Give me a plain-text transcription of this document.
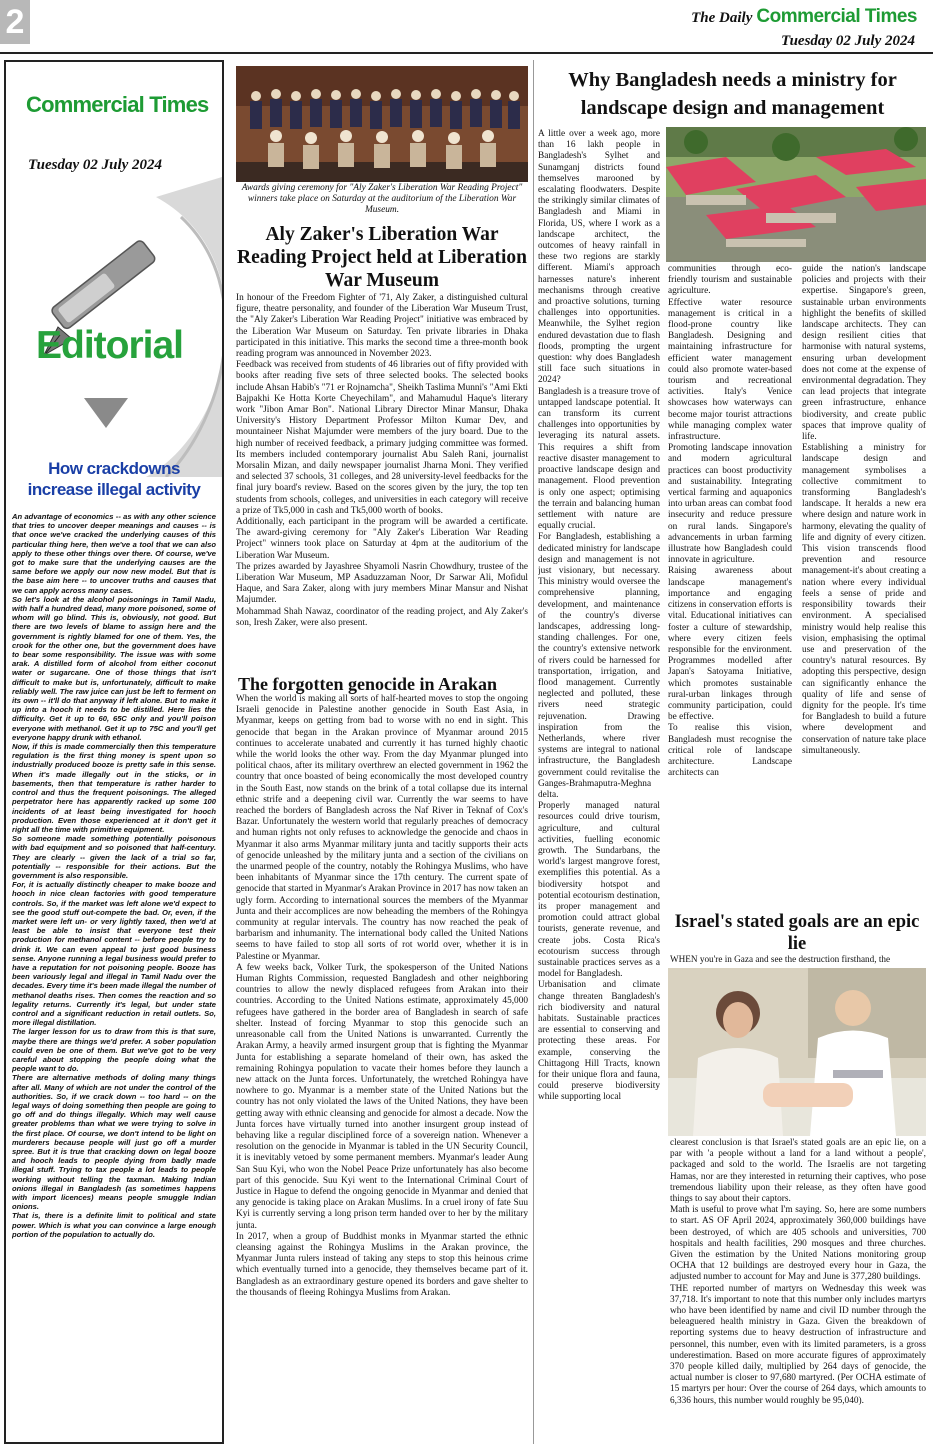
2	The Daily Commercial Times
Tuesday 02 July 2024
Commercial Times
Tuesday 02 July 2024
Editorial
How crackdowns increase illegal activity

An advantage of economics -- as with any other science that tries to uncover deeper meanings and causes -- is that once we've cracked the underlying causes of this particular thing here, then we've a tool that we can also apply to these other things over there. Of course, we've got to make sure that the underlying causes are the same before we apply our now new model. But that is the base aim here -- to uncover truths and causes that we can apply across many cases.

So let's look at the alcohol poisonings in Tamil Nadu, with half a hundred dead, many more poisoned, some of whom will go blind. This is, obviously, not good. But there are two levels of blame to assign here and the government is rightly blamed for one of them. Yes, the crook for the other one, but the government does have to bear some responsibility. The issue was with some arak. A distilled form of alcohol from either coconut water or sugarcane. One of those things that isn't difficult to make but is, unfortunately, difficult to make reliably well. The raw juice can just be left to ferment on its own -- it'll do that anyway if left alone. But to make it up into a hooch it needs to be distilled. Here lies the difficulty. Get it up to 60, 65C only and you'll poison everyone with methanol. Get it up to 75C and you'll get everyone happy drunk with ethanol.

Now, if this is made commercially then this temperature regulation is the first thing money is spent upon so industrially produced booze is pretty safe in this sense. When it's made illegally out in the sticks, or in basements, then that temperature is rather harder to control and thus the frequent poisonings. The alleged perpetrator here has apparently racked up some 100 incidents of at least being investigated for hooch production. Even those experienced at it don't get it right all the time with primitive equipment.

So someone made something potentially poisonous with bad equipment and so poisoned that half-century. They are clearly -- given the lack of a trial so far, potentially -- responsible for their actions. But the government is also responsible.

For, it is actually distinctly cheaper to make booze and hooch in nice clean factories with good temperature controls. So, if the market was left alone we'd expect to see the good stuff out-compete the bad. Or, even, if the market were left un- or very lightly taxed, then we'd at least be able to insist that everyone test their production for methanol content -- before people try to drink it. We can even appeal to just good business sense. Anyone running a legal business would prefer to have a reputation for not poisoning people. Booze has been variously legal and illegal in Tamil Nadu over the decades. Every time it's been made illegal the number of methanol deaths rises. Then comes the reaction and so legality returns. Currently it's legal, but under state control and a significant reduction in retail outlets. So, more illegal distillation.

The larger lesson for us to draw from this is that sure, maybe there are things we'd prefer. A sober population could even be one of them. But we've got to be very careful about stopping the people doing what the people want to do.

There are alternative methods of doling many things after all. Many of which are not under the control of the authorities. So, if we crack down -- too hard -- on the legal ways of doing something then people are going to go off and do things illegally. Which may well cause greater problems than what we were trying to solve in the first place. Of course, we don't intend to be light on murderers because people will just go off a murder spree. But it is true that cracking down on legal booze and hooch leads to people dying from badly made illegal stuff. Trying to tax people a lot leads to people working without telling the taxman. Making Indian onions illegal in Bangladesh (as sometimes happens with import licences) means people smuggle Indian onions.

That is, there is a definite limit to political and state power. Which is what you can convince a large enough portion of the population to actually do.

Awards giving ceremony for "Aly Zaker's Liberation War Reading Project" winners take place on Saturday at the auditorium of the Liberation War Museum.
Aly Zaker's Liberation War Reading Project held at Liberation War Museum

In honour of the Freedom Fighter of '71, Aly Zaker, a distinguished cultural figure, theatre personality, and founder of the Liberation War Museum Trust, the "Aly Zaker's Liberation War Reading Project" initiative was embraced by the Liberation War Museum on Saturday. Ten private libraries in Dhaka participated in this initiative. This marks the second time a three-month book reading program was announced in November 2023.

Feedback was received from students of 46 libraries out of fifty provided with books after reading five sets of three selected books. The selected books include Ahsan Habib's "71 er Rojnamcha", Sheikh Taslima Munni's "Ami Ekti Bajpakhi Ke Hotta Korte Cheyechilam", and Mahamudul Haque's literary work "Jibon Amar Bon". National Library Director Minar Mansur, Dhaka University's History Department Professor Milton Kumar Dev, and mountaineer Nishat Majumder were members of the jury board. Due to the high number of received feedback, a primary judging committee was formed. Its members included contemporary journalist Abu Saleh Rani, journalist Morsalin Mizan, and daily newspaper journalist Jharna Moni. They verified and selected 37 schools, 31 colleges, and 28 university-level feedbacks for the final jury board's review. Based on the scores given by the jury, the top ten students from schools, colleges, and universities in each category will receive a prize of Tk5,000 in cash and Tk5,000 worth of books.

Additionally, each participant in the program will be awarded a certificate. The award-giving ceremony for "Aly Zaker's Liberation War Reading Project" winners took place on Saturday at 4pm at the auditorium of the Liberation War Museum.

The prizes awarded by Jayashree Shyamoli Nasrin Chowdhury, trustee of the Liberation War Museum, MP Asaduzzaman Noor, Dr Sarwar Ali, Mofidul Haque, and Sara Zaker, along with jury members Minar Mansur and Nishat Majumder.

Mohammad Shah Nawaz, coordinator of the reading project, and Aly Zaker's son, Iresh Zaker, were also present.

The forgotten genocide in Arakan

When the world is making all sorts of half-hearted moves to stop the ongoing Israeli genocide in Palestine another genocide in South East Asia, in Myanmar, keeps on getting from bad to worse with no end in sight. This genocide that began in the Arakan province of Myanmar around 2015 continues to accelerate unabated and currently it has turned highly chaotic while the world looks the other way. From the day Myanmar plunged into political chaos, after its military overthrew an elected government in 1962 the country that once boasted of being economically the most developed country in the South East, now stands on the brink of a total collapse due its internal ethnic strife and a deepening civil war. Currently the war seems to have reached the borders of Bangladesh across the Naf River in Teknaf of Cox's Bazar. Unfortunately the western world that regularly preaches of democracy and human rights not only refuses to acknowledge the genocide and chaos in Myanmar it also arms Myanmar military junta and tacitly supports their acts of genocide unleashed by the military junta and a section of the civilians on the unarmed people of the country, notably the Rohingya Muslims, who have been inhabitants of Myanmar since the 17th century. The current spate of genocide that started in Myanmar's Arakan Province in 2017 has now taken an ugly form. According to international sources the members of the Myanmar Junta and their accomplices are now beheading the members of the Rohingya community at regular intervals. The country has now reached the peak of barbarism and inhumanity. The international body called the United Nations seems to have failed to stop all sorts of rot world over, whether it is in Palestine or Myanmar.

A few weeks back, Volker Turk, the spokesperson of the United Nations Human Rights Commission, requested Bangladesh and other neighboring countries to allow the newly displaced refugees from Arakan into their countries. According to the United Nations estimate, approximately 45,000 refugees have gathered in the border area of Bangladesh in search of safe shelter. Instead of forcing Myanmar to stop this genocide such an unreasonable call from the United Nations is unwarranted. Currently the Arakan Army, a heavily armed insurgent group that is fighting the Myanmar Junta for establishing a separate homeland of their own, has asked the remaining Rohingya population to vacate their homes before they launch a new attack on the Junta forces. Unfortunately, the wretched Rohingya have nowhere to go. Myanmar is a member state of the United Nations but the country has not only violated the laws of the United Nations, they have been getting away with ethnic cleansing and genocide for almost a decade. Now the Junta forces have virtually turned into another insurgent group instead of behaving like a regular disciplined force of a sovereign nation. Whenever a resolution on the genocide in Myanmar is tabled in the UN Security Council, it is inevitably vetoed by some permanent members. Myanmar's leader Aung San Suu Kyi, who won the Nobel Peace Prize unfortunately has also become part of this genocide. Suu Kyi went to the International Criminal Court of Justice in Hague to defend the ongoing genocide in Myanmar and denied that any genocide is taking place on Arakan Muslims. In a cruel irony of fate Suu Kyi is currently serving a long prison term handed over to her by the military junta.

In 2017, when a group of Buddhist monks in Myanmar started the ethnic cleansing against the Rohingya Muslims in the Arakan province, the Myanmar Junta rulers instead of taking any steps to stop this heinous crime which eventually turned into a genocide, they themselves became part of it. Bangladesh as an extraordinary gesture opened its borders and gave shelter to the thousands of fleeing Rohingya Muslims from Arakan.

Why Bangladesh needs a ministry for landscape design and management

A little over a week ago, more than 16 lakh people in Bangladesh's Sylhet and Sunamganj districts found themselves marooned by escalating floodwaters. Despite the strikingly similar climates of Bangladesh and Miami in Florida, US, where I work as a landscape architect, the outcomes of heavy rainfall in these two regions are starkly different. Miami's approach harnesses nature's inherent mechanisms through creative and proactive solutions, turning challenges into opportunities. Meanwhile, the Sylhet region endured devastation due to flash floods, prompting the urgent question: why does Bangladesh still face such situations in 2024?

Bangladesh is a treasure trove of untapped landscape potential. It can transform its current challenges into opportunities by leveraging its natural assets. This requires a shift from reactive disaster management to proactive landscape design and management. Flood prevention is only one aspect; optimising the terrain and balancing human settlement with nature are equally crucial.

For Bangladesh, establishing a dedicated ministry for landscape design and management is not just visionary, but necessary. This ministry would oversee the comprehensive planning, development, and maintenance of the country's diverse landscapes, addressing long-standing challenges. For one, the country's extensive network of rivers could be harnessed for transportation, irrigation, and flood management. Currently neglected and polluted, these rivers need strategic rejuvenation. Drawing inspiration from the Netherlands, where river systems are integral to national infrastructure, the Bangladesh government could revitalise the Ganges-Brahmaputra-Meghna delta.

Properly managed natural resources could drive tourism, agriculture, and cultural activities, fuelling economic growth. The Sundarbans, the world's largest mangrove forest, exemplifies this potential. As a biodiversity hotspot and potential ecotourism destination, its proper management and promotion could attract global tourists, generate revenue, and create jobs. Costa Rica's ecotourism success through sustainable practices serves as a model for Bangladesh.

Urbanisation and climate change threaten Bangladesh's rich biodiversity and natural habitats. Sustainable practices are essential to conserving and protecting these areas. For example, conserving the Chittagong Hill Tracts, known for their unique flora and fauna, could preserve biodiversity while supporting local

communities through eco-friendly tourism and sustainable agriculture.

Effective water resource management is critical in a flood-prone country like Bangladesh. Designing and maintaining infrastructure for efficient water management could also promote water-based tourism and recreational activities. Italy's Venice showcases how waterways can become major tourist attractions while managing complex water infrastructure.

Promoting landscape innovation and modern agricultural practices can boost productivity and sustainability. Integrating vertical farming and aquaponics into urban areas can combat food insecurity and reduce pressure on rural lands. Singapore's advancements in urban farming illustrate how Bangladesh could innovate in agriculture.

Raising awareness about landscape management's importance and engaging citizens in conservation efforts is vital. Educational initiatives can foster a culture of stewardship, where every citizen feels responsible for the environment. Programmes modelled after Japan's Satoyama Initiative, which promotes sustainable rural-urban linkages through community participation, could be effective.

To realise this vision, Bangladesh must recognise the critical role of landscape architecture. Landscape architects can

guide the nation's landscape policies and projects with their expertise. Singapore's green, sustainable urban environments highlight the benefits of skilled landscape architects. They can design resilient cities that harmonise with natural systems, ensuring urban development does not come at the expense of environmental degradation. They can lead projects that integrate green infrastructure, enhance biodiversity, and create public spaces that improve quality of life.

Establishing a ministry for landscape design and management symbolises a collective commitment to transforming Bangladesh's landscape. It heralds a new era where design and nature work in harmony, elevating the quality of life and dignity of every citizen. This vision transcends flood prevention and resource management-it's about creating a nation where every individual feels a sense of pride and responsibility towards their environment. A specialised ministry would help realise this vision, emphasising the optimal use and preservation of the country's natural resources. By adopting this perspective, design can significantly enhance the quality of life and sense of dignity for the people. It's time for Bangladesh to build a future where development and conservation of nature take place simultaneously.

Israel's stated goals are an epic lie
WHEN you're in Gaza and see the destruction firsthand, the

clearest conclusion is that Israel's stated goals are an epic lie, on a par with 'a people without a land for a land without a people', packaged and sold to the world. The Israelis are not targeting Hamas, nor are they interested in returning their captives, who pose tremendous liability upon their release, as they often have good things to say about their captors.

Math is useful to prove what I'm saying. So, here are some numbers to start. AS OF April 2024, approximately 360,000 buildings have been destroyed, of which are 405 schools and universities, 700 hospitals and health facilities, 290 mosques and three churches. Given the estimation by the United Nations monitoring group OCHA that 12 buildings are destroyed every hour in Gaza, the adjusted number to account for May and June is 377,280 buildings.

THE reported number of martyrs on Wednesday this week was 37,718. It's important to note that this number only includes martyrs who have been identified by name and civil ID number through the beleaguered health ministry in Gaza. Given the breakdown of reporting systems due to heavy destruction of infrastructure and personnel, this number, even with its limited parameters, is a gross underestimation. Based on more accurate figures of approximately 370 people killed daily, multiplied by 264 days of genocide, the actual number is closer to 97,680 martyred. (Per OCHA estimate of 15 martyrs per hour: Over the course of 264 days, which amounts to 6,336 hours, this number would roughly be 95,040).
